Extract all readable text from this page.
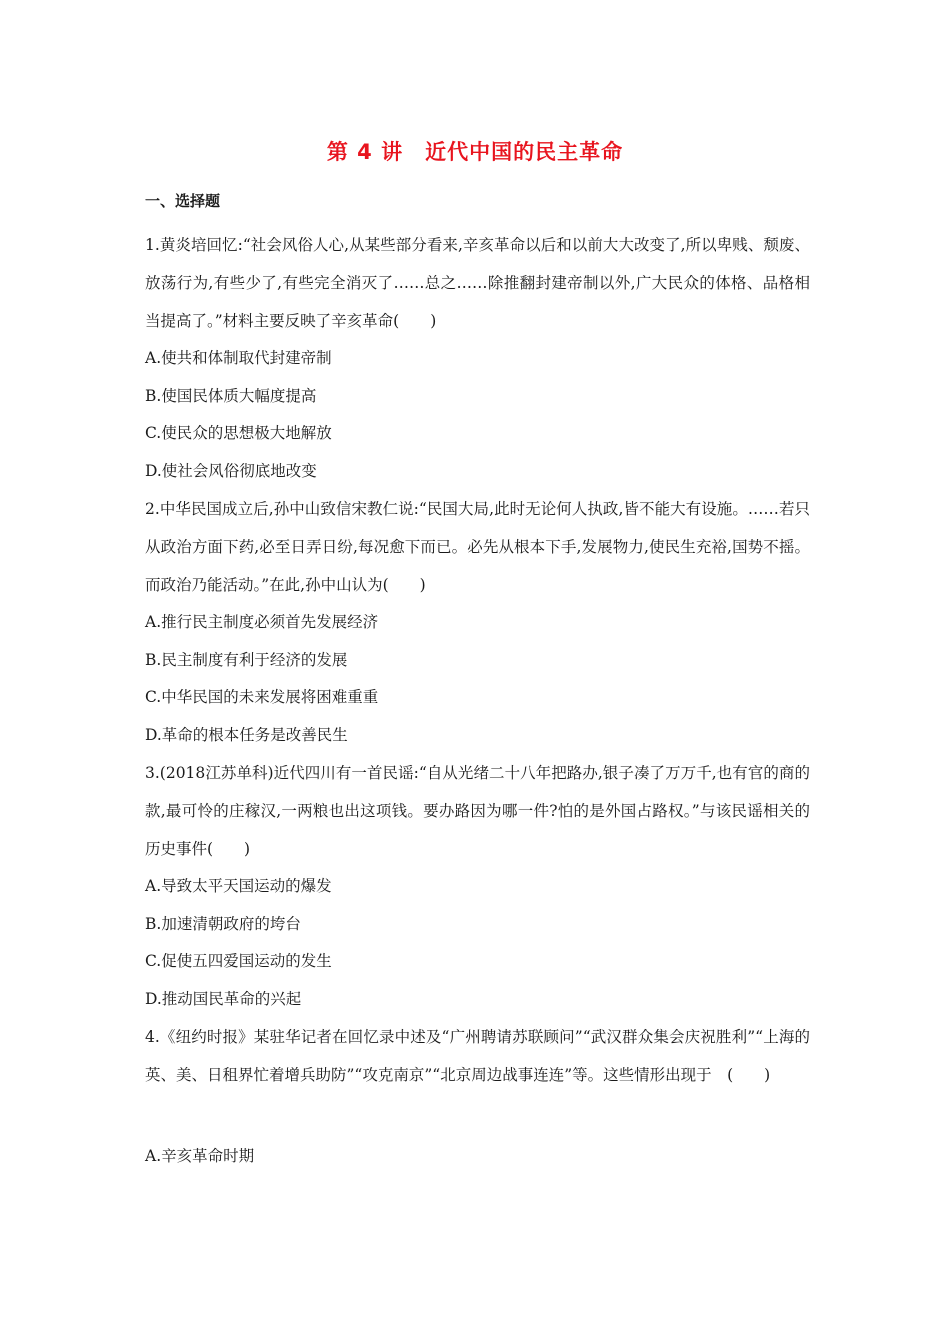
第 4 讲　近代中国的民主革命
一、选择题

1.黄炎培回忆:“社会风俗人心,从某些部分看来,辛亥革命以后和以前大大改变了,所以卑贱、颓废、放荡行为,有些少了,有些完全消灭了……总之……除推翻封建帝制以外,广大民众的体格、品格相当提高了。”材料主要反映了辛亥革命(　　)

A.使共和体制取代封建帝制

B.使国民体质大幅度提高

C.使民众的思想极大地解放

D.使社会风俗彻底地改变

2.中华民国成立后,孙中山致信宋教仁说:“民国大局,此时无论何人执政,皆不能大有设施。……若只从政治方面下药,必至日弄日纷,每况愈下而已。必先从根本下手,发展物力,使民生充裕,国势不摇。而政治乃能活动。”在此,孙中山认为(　　)

A.推行民主制度必须首先发展经济

B.民主制度有利于经济的发展

C.中华民国的未来发展将困难重重

D.革命的根本任务是改善民生

3.(2018江苏单科)近代四川有一首民谣:“自从光绪二十八年把路办,银子凑了万万千,也有官的商的款,最可怜的庄稼汉,一两粮也出这项钱。要办路因为哪一件?怕的是外国占路权。”与该民谣相关的历史事件(　　)

A.导致太平天国运动的爆发

B.加速清朝政府的垮台

C.促使五四爱国运动的发生

D.推动国民革命的兴起

4.《纽约时报》某驻华记者在回忆录中述及“广州聘请苏联顾问”“武汉群众集会庆祝胜利”“上海的英、美、日租界忙着增兵助防”“攻克南京”“北京周边战事连连”等。这些情形出现于　(　　)

A.辛亥革命时期
